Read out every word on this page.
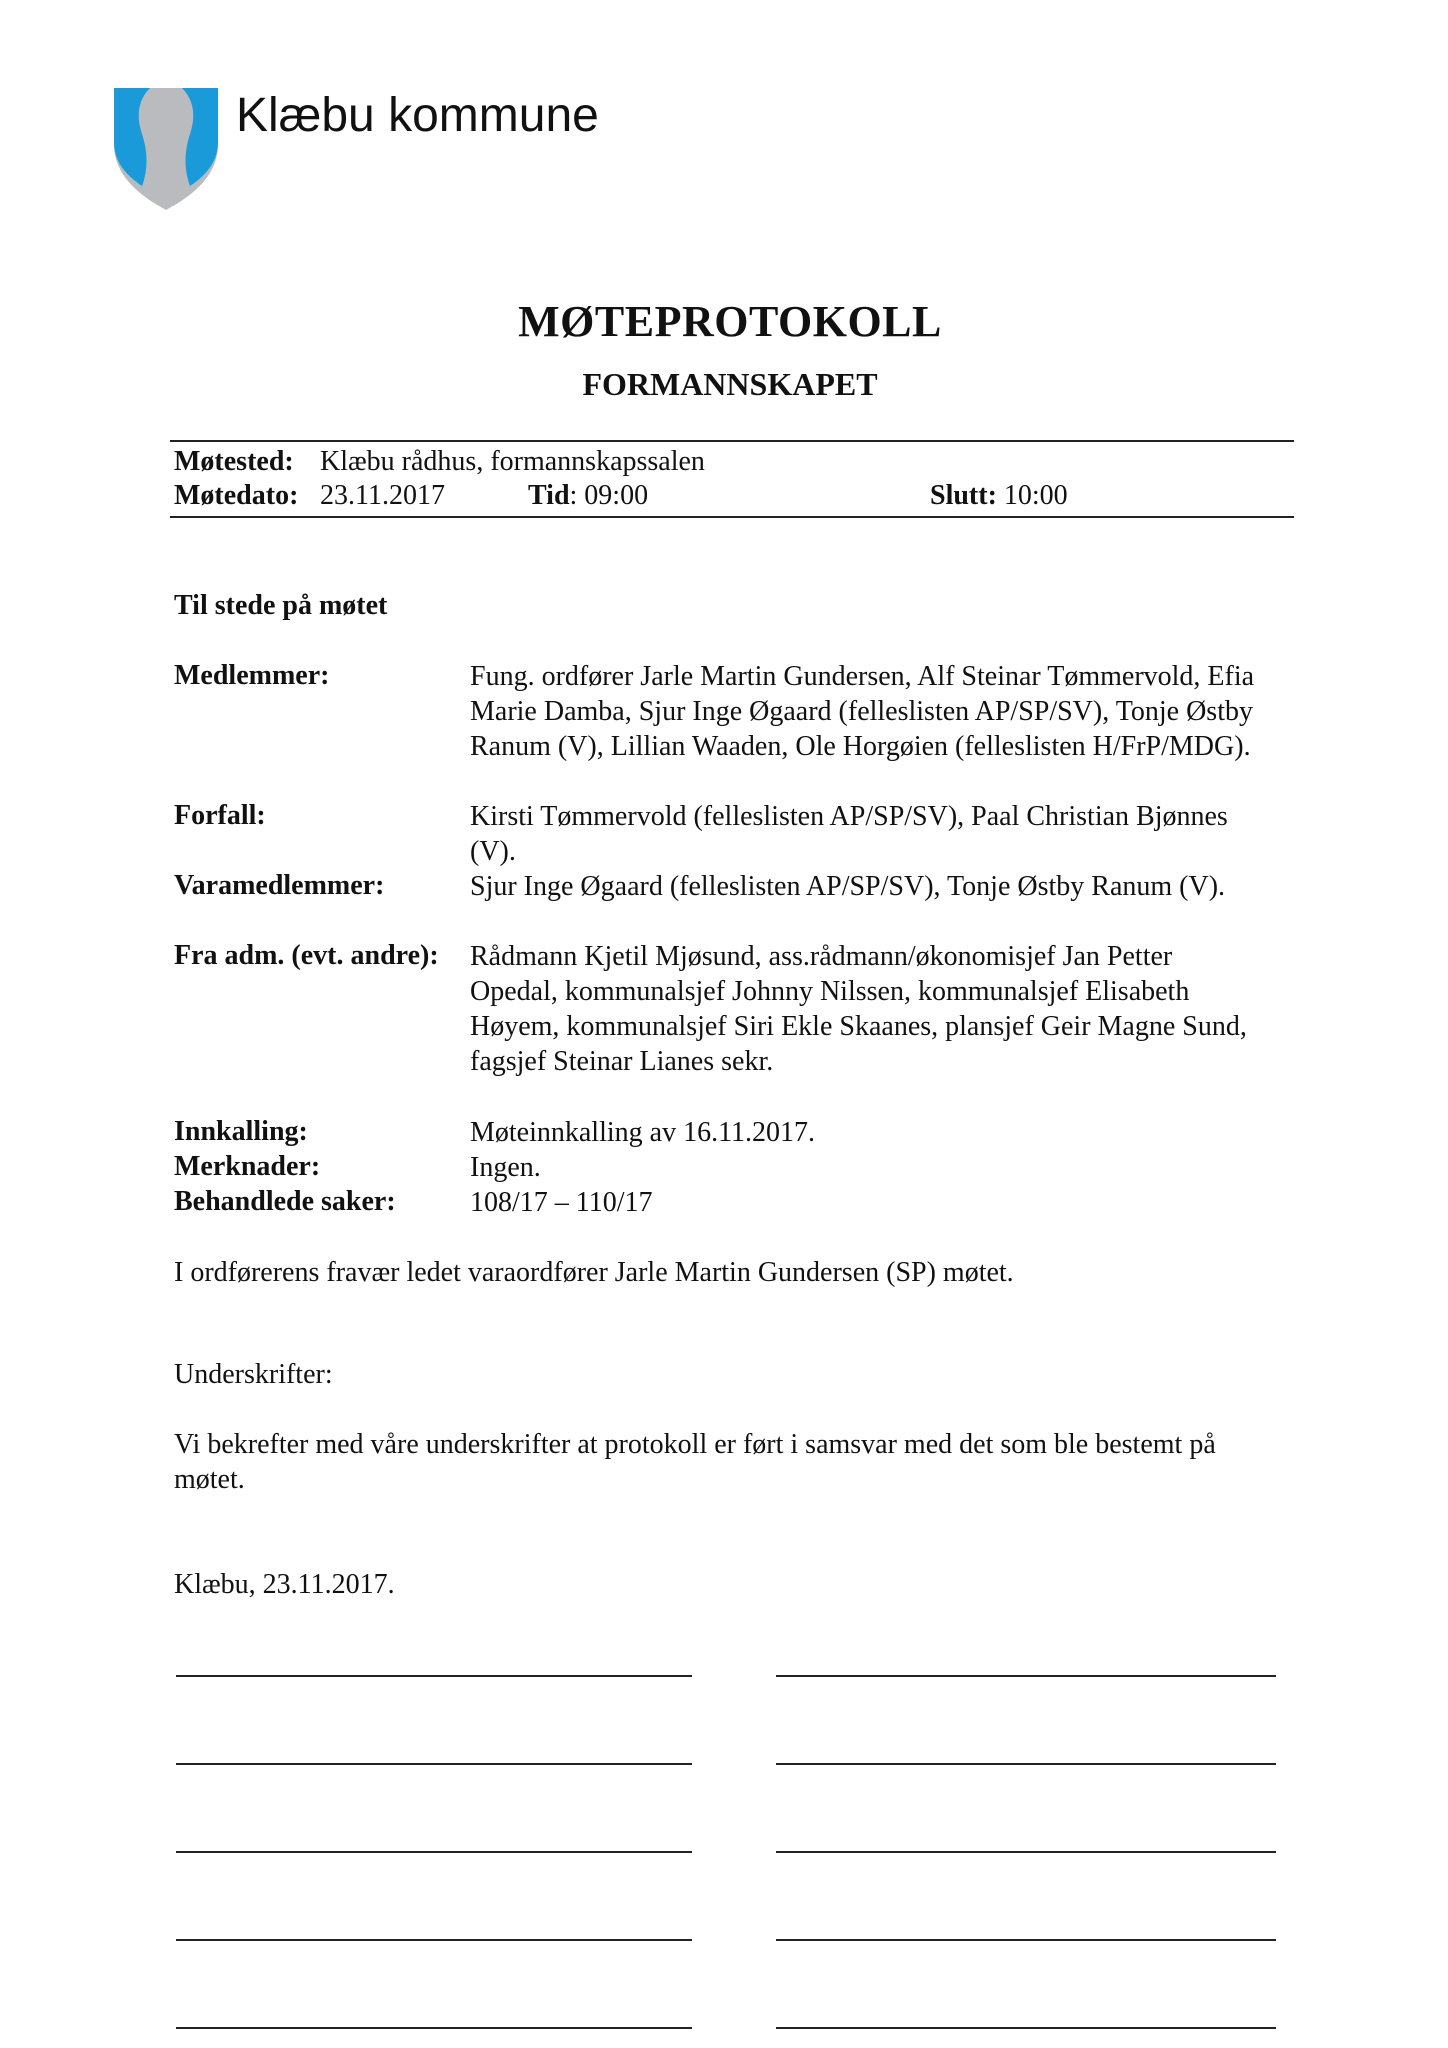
Klæbu kommune
MØTEPROTOKOLL
FORMANNSKAPET
Møtested: Klæbu rådhus, formannskapssalen
Møtedato: 23.11.2017	Tid: 09:00	Slutt: 10:00
Til stede på møtet
Medlemmer:	Fung. ordfører Jarle Martin Gundersen, Alf Steinar Tømmervold, Efia
Marie Damba, Sjur Inge Øgaard (felleslisten AP/SP/SV), Tonje Østby
Ranum (V), Lillian Waaden, Ole Horgøien (felleslisten H/FrP/MDG).
Forfall:	Kirsti Tømmervold (felleslisten AP/SP/SV), Paal Christian Bjønnes
(V).
Varamedlemmer:	Sjur Inge Øgaard (felleslisten AP/SP/SV), Tonje Østby Ranum (V).
Fra adm. (evt. andre): Rådmann Kjetil Mjøsund, ass.rådmann/økonomisjef Jan Petter
Opedal, kommunalsjef Johnny Nilssen, kommunalsjef Elisabeth
Høyem, kommunalsjef Siri Ekle Skaanes, plansjef Geir Magne Sund,
fagsjef Steinar Lianes sekr.
Innkalling:	Møteinnkalling av 16.11.2017.
Merknader:	Ingen.
Behandlede saker:	108/17 – 110/17
I ordførerens fravær ledet varaordfører Jarle Martin Gundersen (SP) møtet.
Underskrifter:
Vi bekrefter med våre underskrifter at protokoll er ført i samsvar med det som ble bestemt på
møtet.
Klæbu, 23.11.2017.
